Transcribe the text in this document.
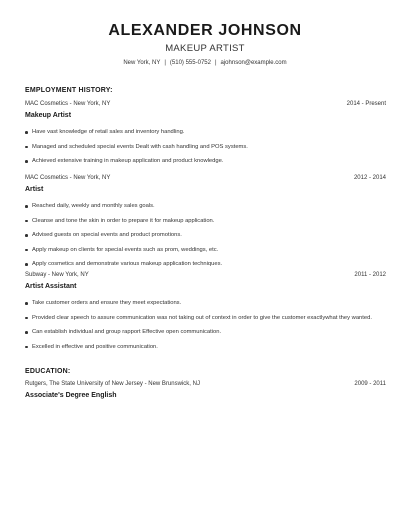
ALEXANDER JOHNSON
MAKEUP ARTIST
New York, NY | (510) 555-0752 | ajohnson@example.com
EMPLOYMENT HISTORY:
MAC Cosmetics - New York, NY	2014 - Present
Makeup Artist
Have vast knowledge of retail sales and inventory handling.
Managed and scheduled special events Dealt with cash handling and POS systems.
Achieved extensive training in makeup application and product knowledge.
MAC Cosmetics - New York, NY	2012 - 2014
Artist
Reached daily, weekly and monthly sales goals.
Cleanse and tone the skin in order to prepare it for makeup application.
Advised guests on special events and product promotions.
Apply makeup on clients for special events such as prom, weddings, etc.
Apply cosmetics and demonstrate various makeup application techniques.
Subway - New York, NY	2011 - 2012
Artist Assistant
Take customer orders and ensure they meet expectations.
Provided clear speech to assure communication was not taking out of context in order to give the customer exactlywhat they wanted.
Can establish individual and group rapport Effective open communication.
Excelled in effective and positive communication.
EDUCATION:
Rutgers, The State University of New Jersey - New Brunswick, NJ	2009 - 2011
Associate's Degree English
